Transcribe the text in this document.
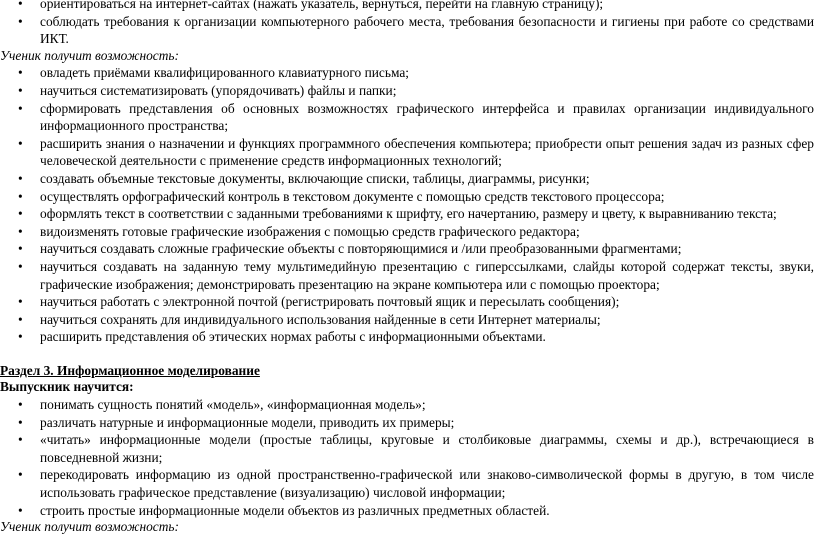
• ориентироваться на интернет-сайтах (нажать указатель, вернуться, перейти на главную страницу);
• соблюдать требования к организации компьютерного рабочего места, требования безопасности и гигиены при работе со средствами ИКТ.
Ученик получит возможность:
• овладеть приёмами квалифицированного клавиатурного письма;
• научиться систематизировать (упорядочивать) файлы и папки;
• сформировать представления об основных возможностях графического интерфейса и правилах организации индивидуального информационного пространства;
• расширить знания о назначении и функциях программного обеспечения компьютера; приобрести опыт решения задач из разных сфер человеческой деятельности с применение средств информационных технологий;
• создавать объемные текстовые документы, включающие списки, таблицы, диаграммы, рисунки;
• осуществлять орфографический контроль в текстовом документе с помощью средств текстового процессора;
• оформлять текст в соответствии с заданными требованиями к шрифту, его начертанию, размеру и цвету, к выравниванию текста;
• видоизменять готовые графические изображения с помощью средств графического редактора;
• научиться создавать сложные графические объекты с повторяющимися и /или преобразованными фрагментами;
• научиться создавать на заданную тему мультимедийную презентацию с гиперссылками, слайды которой содержат тексты, звуки, графические изображения; демонстрировать презентацию на экране компьютера или с помощью проектора;
• научиться работать с электронной почтой (регистрировать почтовый ящик и пересылать сообщения);
• научиться сохранять для индивидуального использования найденные в сети Интернет материалы;
• расширить представления об этических нормах работы с информационными объектами.
Раздел 3. Информационное моделирование
Выпускник научится:
• понимать сущность понятий «модель», «информационная модель»;
• различать натурные и информационные модели, приводить их примеры;
• «читать» информационные модели (простые таблицы, круговые и столбиковые диаграммы, схемы и др.), встречающиеся в повседневной жизни;
• перекодировать информацию из одной пространственно-графической или знаково-символической формы в другую, в том числе использовать графическое представление (визуализацию) числовой информации;
• строить простые информационные модели объектов из различных предметных областей.
Ученик получит возможность:
